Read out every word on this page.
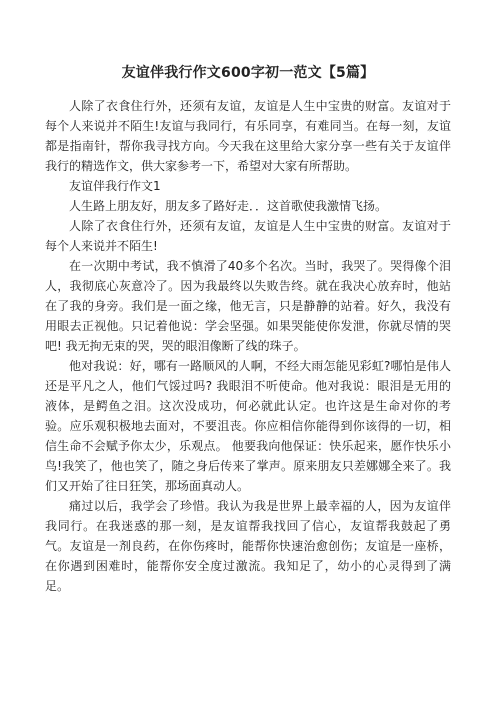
友谊伴我行作文600字初一范文【5篇】

人除了衣食住行外，还须有友谊，友谊是人生中宝贵的财富。友谊对于每个人来说并不陌生!友谊与我同行，有乐同享，有难同当。在每一刻，友谊都是指南针，帮你我寻找方向。今天我在这里给大家分享一些有关于友谊伴我行的精选作文，供大家参考一下，希望对大家有所帮助。

友谊伴我行作文1

人生路上朋友好，朋友多了路好走．．这首歌使我激情飞扬。

人除了衣食住行外，还须有友谊，友谊是人生中宝贵的财富。友谊对于每个人来说并不陌生!

在一次期中考试，我不慎滑了40多个名次。当时，我哭了。哭得像个泪人，我彻底心灰意冷了。因为我最终以失败告终。就在我决心放弃时，他站在了我的身旁。我们是一面之缘，他无言，只是静静的站着。好久，我没有用眼去正视他。只记着他说：学会坚强。如果哭能使你发泄，你就尽情的哭吧! 我无拘无束的哭，哭的眼泪像断了线的珠子。

他对我说：好，哪有一路顺风的人啊，不经大雨怎能见彩虹?哪怕是伟人还是平凡之人，他们气馁过吗? 我眼泪不听使命。他对我说：眼泪是无用的液体，是鳄鱼之泪。这次没成功，何必就此认定。也许这是生命对你的考验。应乐观积极地去面对，不要沮丧。你应相信你能得到你该得的一切，相信生命不会赋予你太少，乐观点。 他要我向他保证：快乐起来，愿作快乐小鸟!我笑了，他也笑了，随之身后传来了掌声。原来朋友只差娜娜全来了。我们又开始了往日狂笑，那场面真动人。

痛过以后，我学会了珍惜。我认为我是世界上最幸福的人，因为友谊伴我同行。在我迷惑的那一刻，是友谊帮我找回了信心，友谊帮我鼓起了勇气。友谊是一剂良药，在你伤疼时，能帮你快速治愈创伤；友谊是一座桥，在你遇到困难时，能帮你安全度过激流。我知足了，幼小的心灵得到了满足。
